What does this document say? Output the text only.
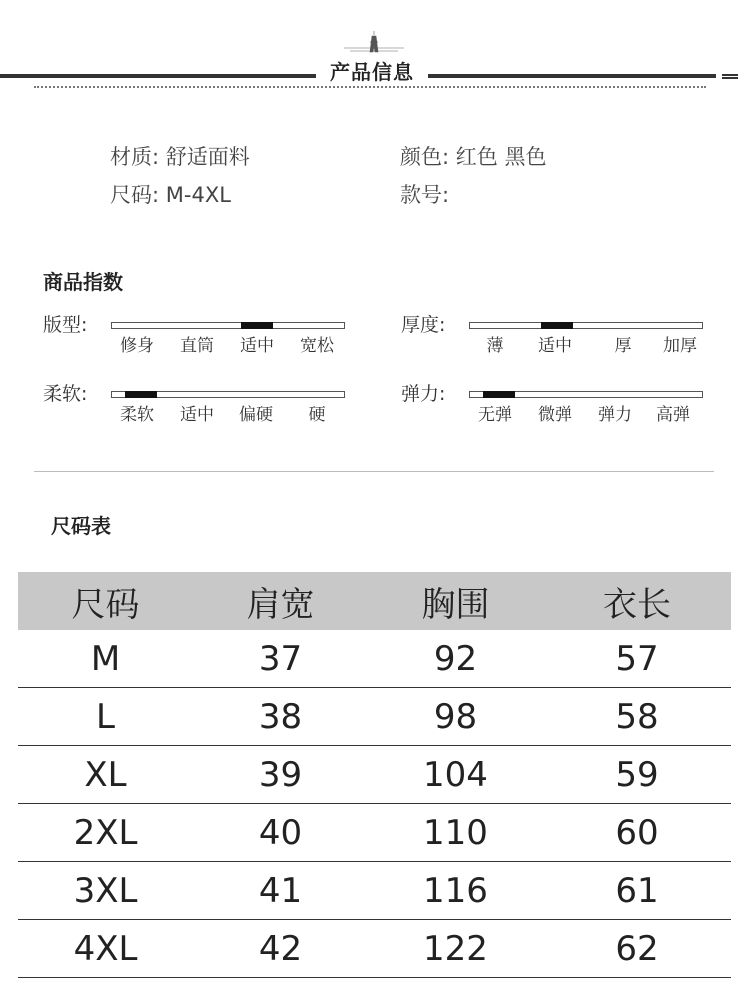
产品信息
材质: 舒适面料	颜色: 红色 黑色
尺码: M-4XL	款号:
商品指数
版型:
修身 直筒 适中 宽松
厚度:
薄 适中	厚 加厚
柔软:
柔软 适中 偏硬 硬
弹力:
无弹 微弹 弹力 高弹
尺码表
尺码	肩宽	胸围	衣长
M	37	92	57
L	38	98	58
XL	39	104	59
2XL	40	110	60
3XL	41	116	61
4XL	42	122	62
